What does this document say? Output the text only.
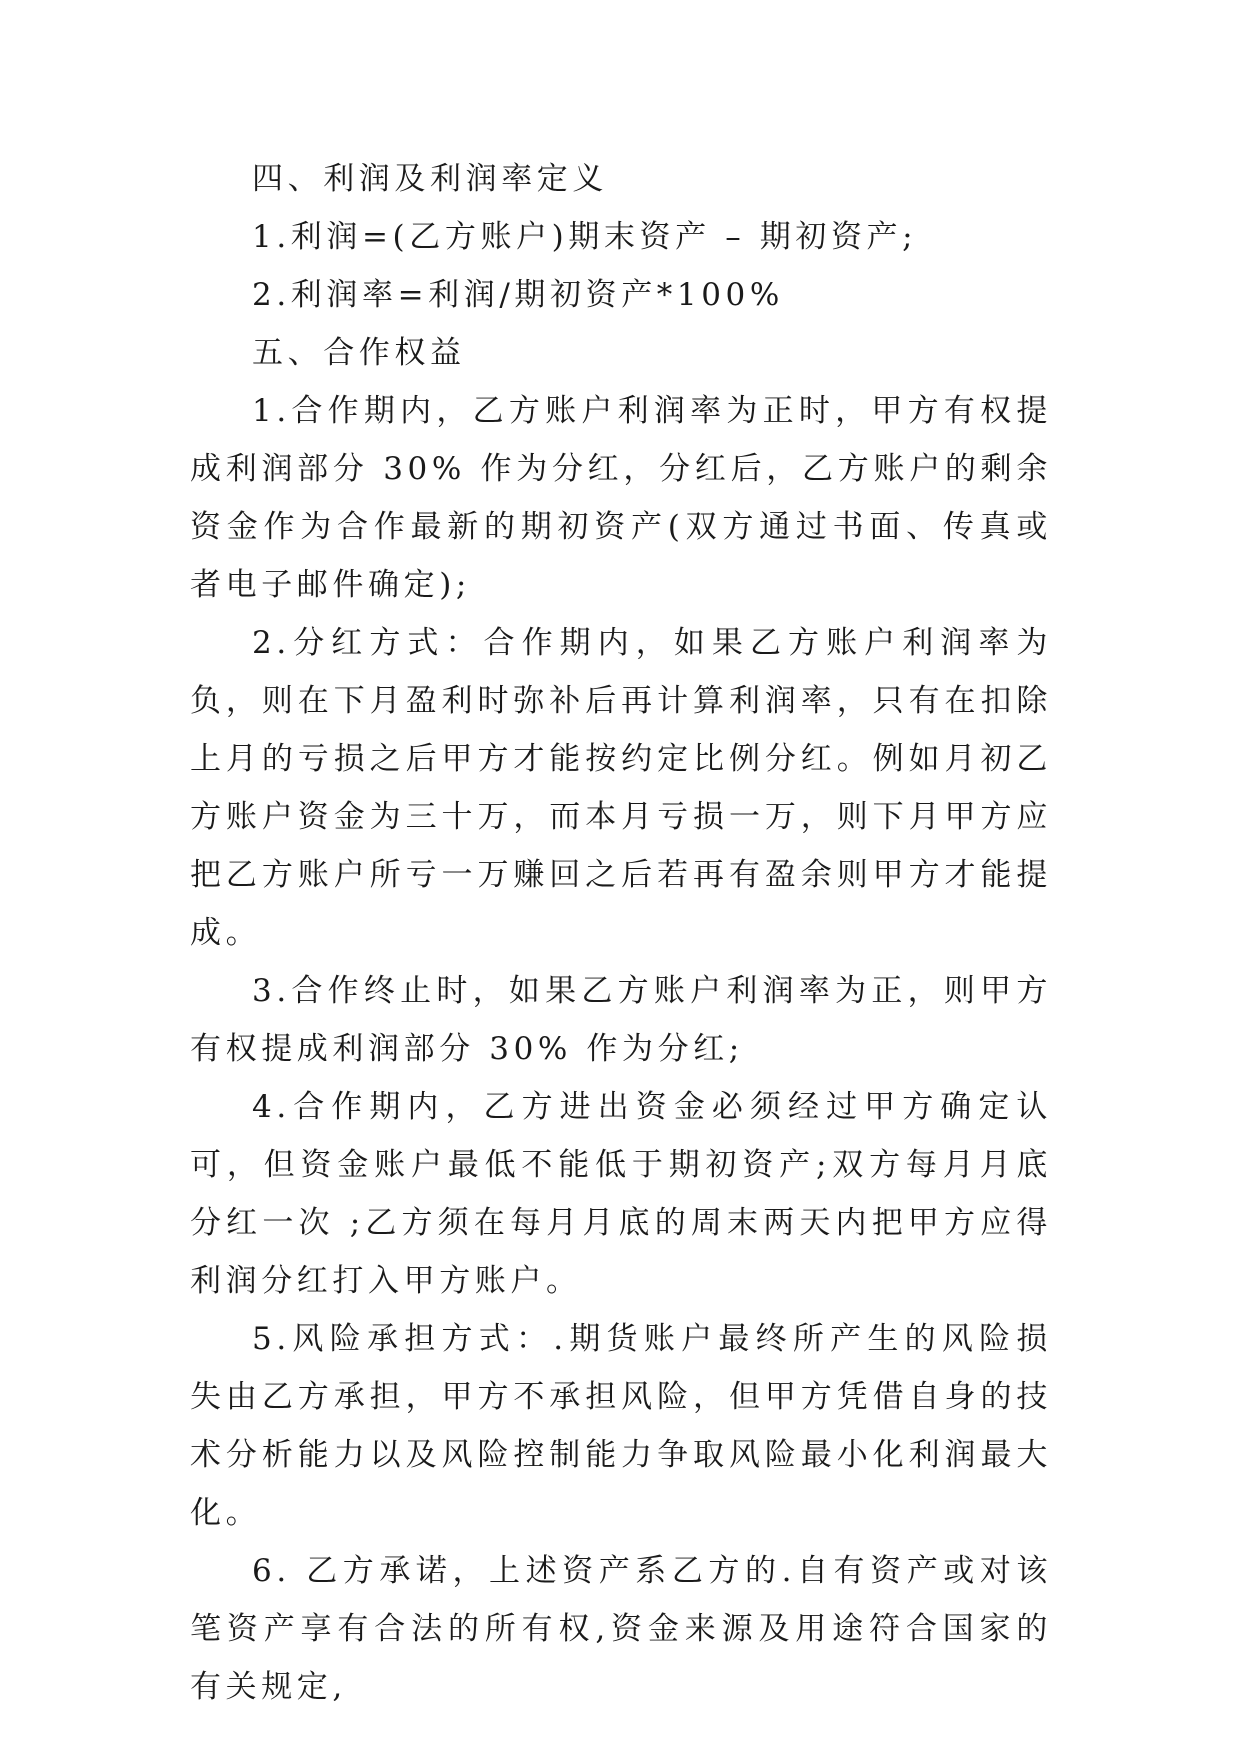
四、利润及利润率定义

1.利润=(乙方账户)期末资产 – 期初资产;

2.利润率=利润/期初资产*100%

五、合作权益

1.合作期内，乙方账户利润率为正时，甲方有权提成利润部分 30% 作为分红，分红后，乙方账户的剩余资金作为合作最新的期初资产(双方通过书面、传真或者电子邮件确定);

2.分红方式：合作期内，如果乙方账户利润率为负，则在下月盈利时弥补后再计算利润率，只有在扣除上月的亏损之后甲方才能按约定比例分红。例如月初乙方账户资金为三十万，而本月亏损一万，则下月甲方应把乙方账户所亏一万赚回之后若再有盈余则甲方才能提成。

3.合作终止时，如果乙方账户利润率为正，则甲方有权提成利润部分 30% 作为分红;

4.合作期内，乙方进出资金必须经过甲方确定认可，但资金账户最低不能低于期初资产;双方每月月底分红一次 ;乙方须在每月月底的周末两天内把甲方应得利润分红打入甲方账户。

5.风险承担方式：.期货账户最终所产生的风险损失由乙方承担，甲方不承担风险，但甲方凭借自身的技术分析能力以及风险控制能力争取风险最小化利润最大化。

6. 乙方承诺，上述资产系乙方的.自有资产或对该笔资产享有合法的所有权,资金来源及用途符合国家的有关规定,
